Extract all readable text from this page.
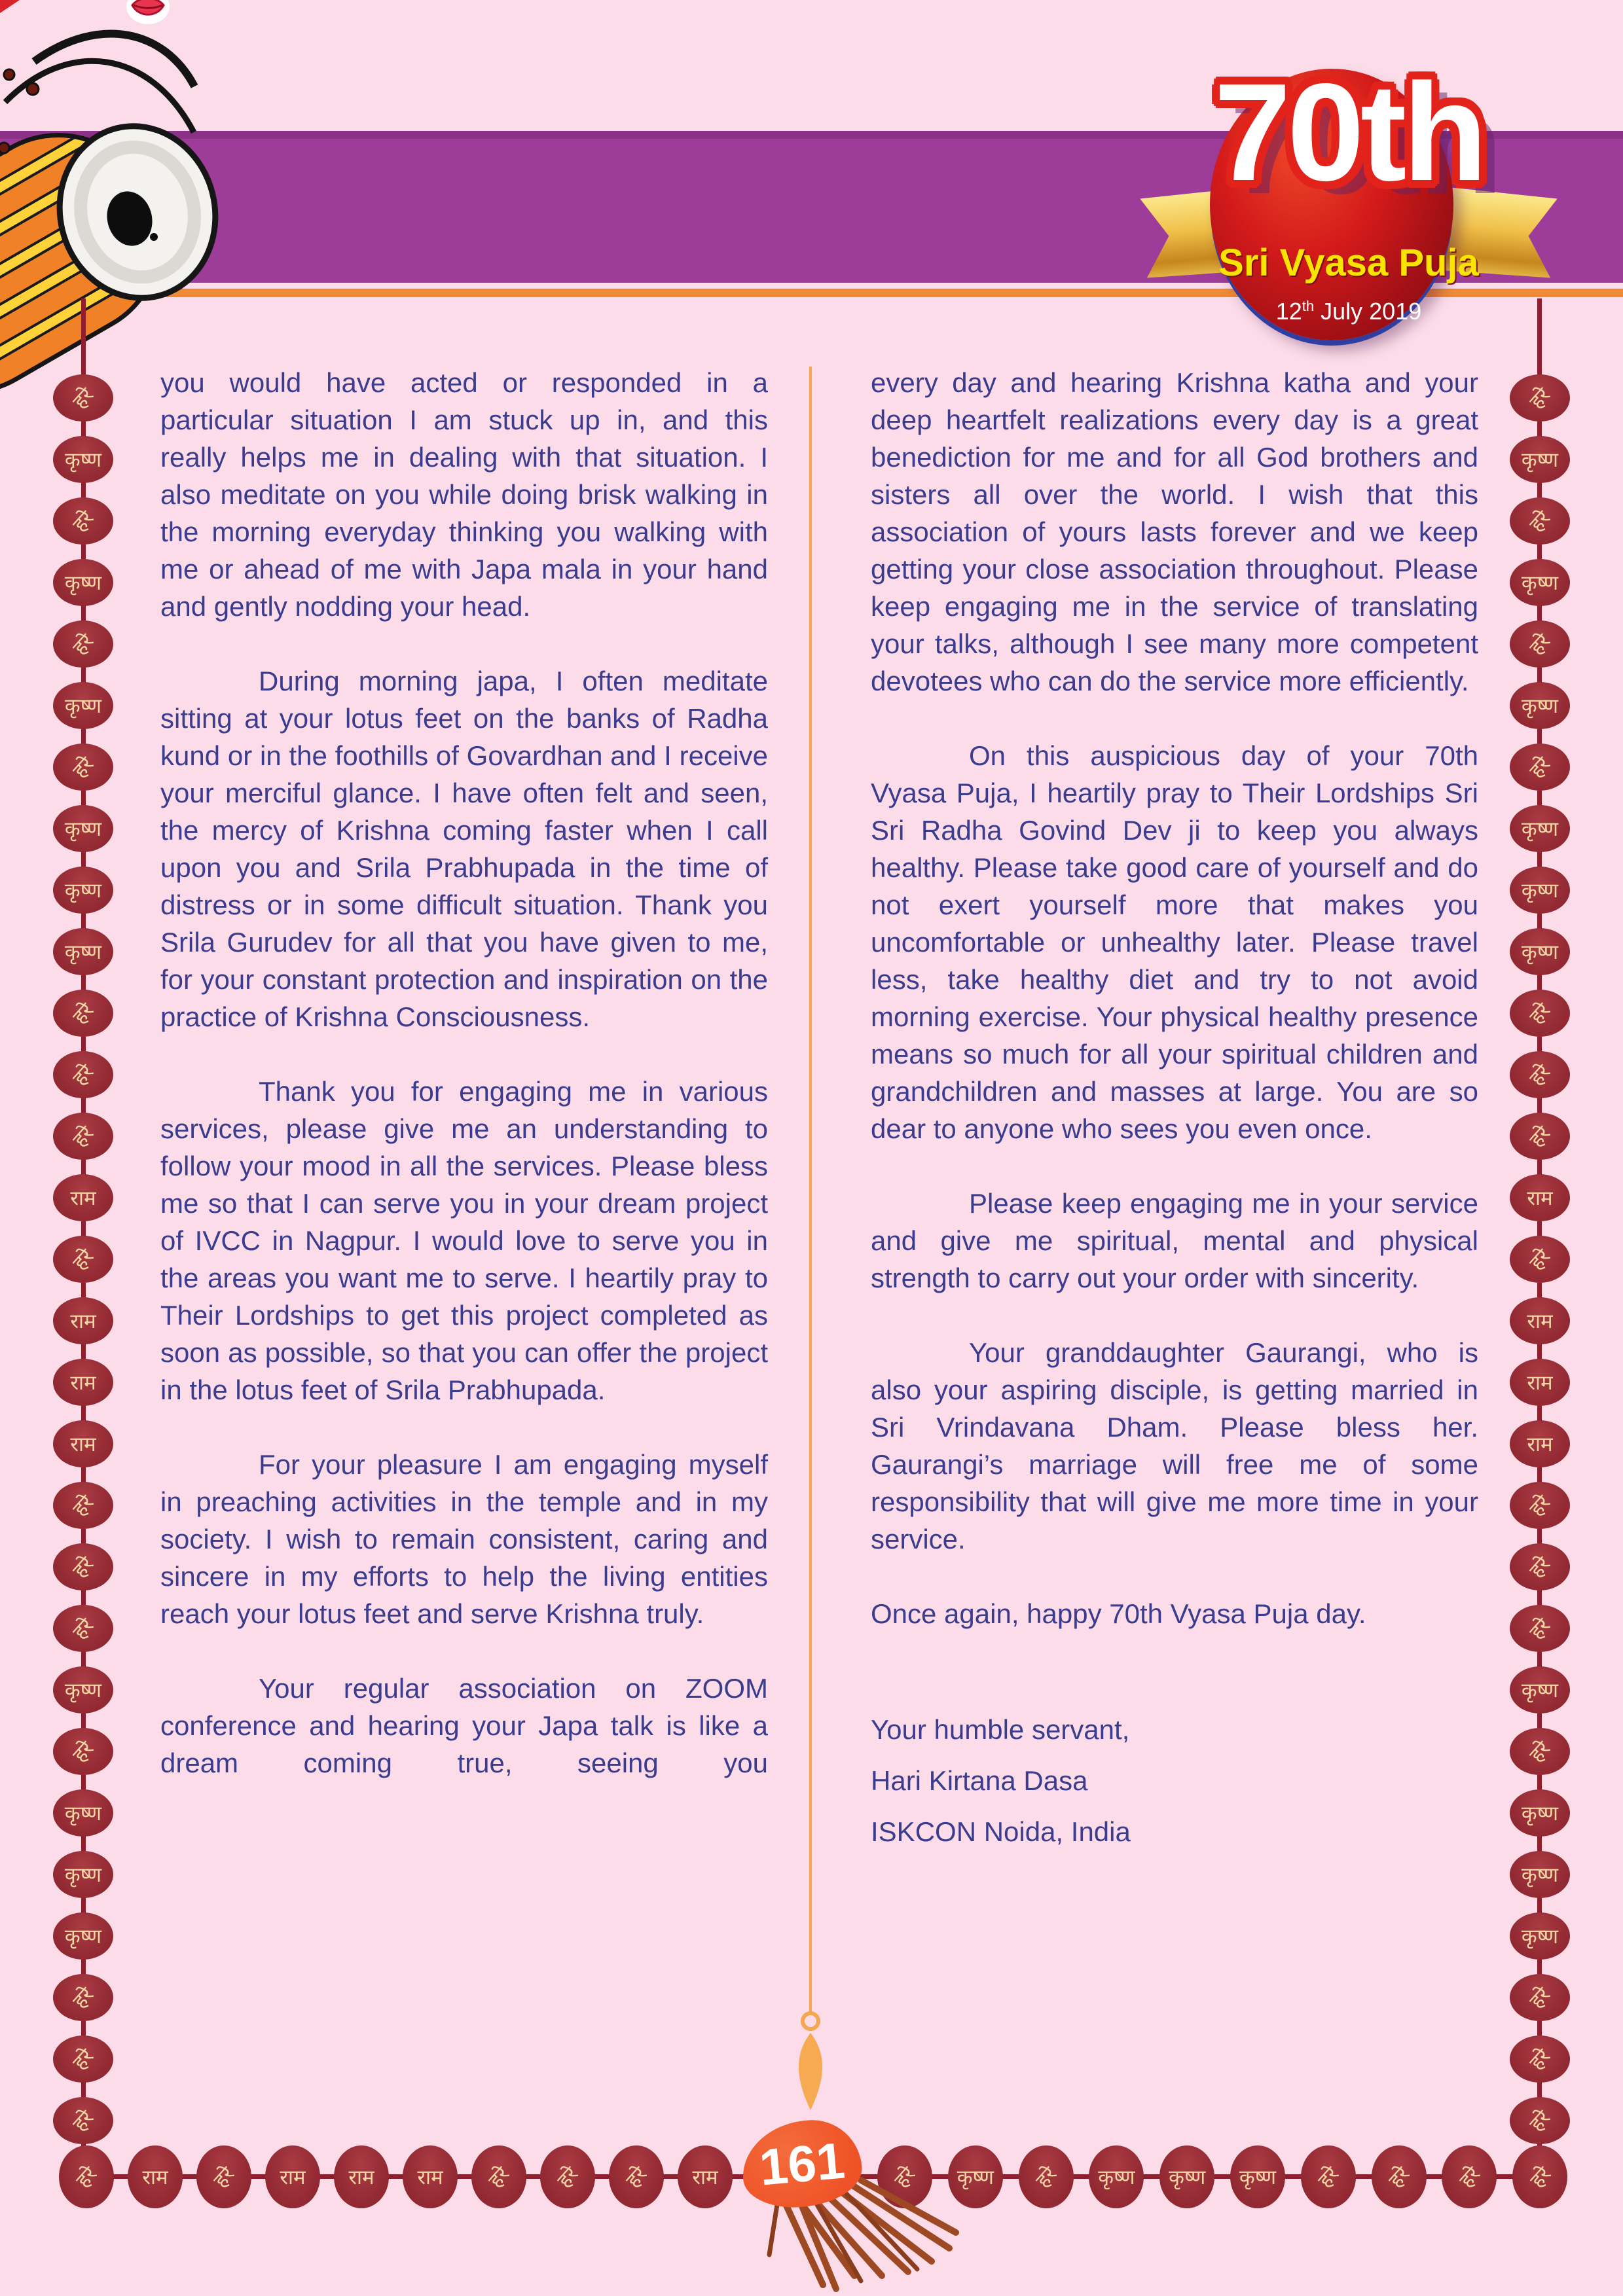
70th
Sri Vyasa Puja
12th July 2019
हरे
कृष्ण
हरे
कृष्ण
हरे
कृष्ण
हरे
कृष्ण
कृष्ण
कृष्ण
हरे
हरे
हरे
राम
हरे
राम
राम
राम
हरे
हरे
हरे
कृष्ण
हरे
कृष्ण
कृष्ण
कृष्ण
हरे
हरे
हरे
हरे
कृष्ण
हरे
कृष्ण
हरे
कृष्ण
हरे
कृष्ण
कृष्ण
कृष्ण
हरे
हरे
हरे
राम
हरे
राम
राम
राम
हरे
हरे
हरे
कृष्ण
हरे
कृष्ण
कृष्ण
कृष्ण
हरे
हरे
हरे
हरे राम हरे राम राम राम हरे हरे हरे राम	हरे कृष्ण हरे कृष्ण कृष्ण कृष्ण हरे हरे हरे हरे

you would have acted or responded in a particular situation I am stuck up in, and this really helps me in dealing with that situation. I also meditate on you while doing brisk walking in the morning everyday thinking you walking with me or ahead of me with Japa mala in your hand and gently nodding your head.

During morning japa, I often meditate sitting at your lotus feet on the banks of Radha kund or in the foothills of Govardhan and I receive your merciful glance. I have often felt and seen, the mercy of Krishna coming faster when I call upon you and Srila Prabhupada in the time of distress or in some difficult situation. Thank you Srila Gurudev for all that you have given to me, for your constant protection and inspiration on the practice of Krishna Consciousness.

Thank you for engaging me in various services, please give me an understanding to follow your mood in all the services. Please bless me so that I can serve you in your dream project of IVCC in Nagpur. I would love to serve you in the areas you want me to serve. I heartily pray to Their Lordships to get this project completed as soon as possible, so that you can offer the project in the lotus feet of Srila Prabhupada.

For your pleasure I am engaging myself in preaching activities in the temple and in my society. I wish to remain consistent, caring and sincere in my efforts to help the living entities reach your lotus feet and serve Krishna truly.

Your regular association on ZOOM conference and hearing your Japa talk is like a dream coming true, seeing you

every day and hearing Krishna katha and your deep heartfelt realizations every day is a great benediction for me and for all God brothers and sisters all over the world. I wish that this association of yours lasts forever and we keep getting your close association throughout. Please keep engaging me in the service of translating your talks, although I see many more competent devotees who can do the service more efficiently.

On this auspicious day of your 70th Vyasa Puja, I heartily pray to Their Lordships Sri Sri Radha Govind Dev ji to keep you always healthy. Please take good care of yourself and do not exert yourself more that makes you uncomfortable or unhealthy later. Please travel less, take healthy diet and try to not avoid morning exercise. Your physical healthy presence means so much for all your spiritual children and grandchildren and masses at large. You are so dear to anyone who sees you even once.

Please keep engaging me in your service and give me spiritual, mental and physical strength to carry out your order with sincerity.

Your granddaughter Gaurangi, who is also your aspiring disciple, is getting married in Sri Vrindavana Dham. Please bless her. Gaurangi’s marriage will free me of some responsibility that will give me more time in your service.

Once again, happy 70th Vyasa Puja day.

Your humble servant,
Hari Kirtana Dasa
ISKCON Noida, India
161
